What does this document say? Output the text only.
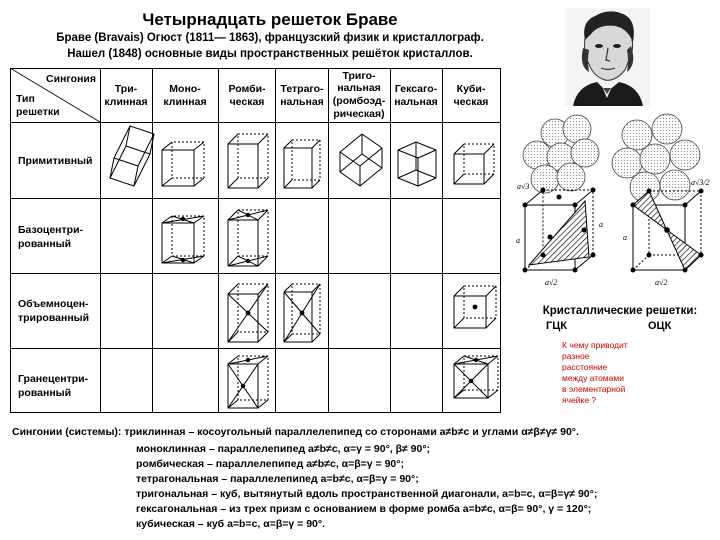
Четырнадцать решеток Браве
Браве (Bravais) Огюст (1811— 1863), французский физик и кристаллограф.
Нашел (1848) основные виды пространственных решёток кристаллов.
Сингония
Тип
решетки
Три-
клинная
Моно-
клинная
Ромби-
ческая
Тетраго-
нальная
Триго-
нальная
(ромбоэд-
рическая)
Гексаго-
нальная
Куби-
ческая
Примитивный
Базоцентри-
рованный
Объемноцен-
трированный
Гранецентри-
рованный
a√3
a
a√2
a
a
a√2
a√3/2
Кристаллические решетки:
ГЦК	ОЦК
К чему приводит
разное
расстояние
между атомами
в элементарной
ячейке ?
Сингонии (системы): триклинная – косоугольный параллелепипед со сторонами a≠b≠c и углами α≠β≠γ≠ 90°.
моноклинная – параллелепипед a≠b≠c, α=γ = 90°, β≠ 90°;
ромбическая – параллелепипед a≠b≠c, α=β=γ = 90°;
тетрагональная – параллелепипед a=b≠c, α=β=γ = 90°;
тригональная – куб, вытянутый вдоль пространственной диагонали, a=b=c, α=β=γ≠ 90°;
гексагональная – из трех призм с основанием в форме ромба a=b≠c, α=β= 90°, γ = 120°;
кубическая – куб a=b=c, α=β=γ = 90°.
